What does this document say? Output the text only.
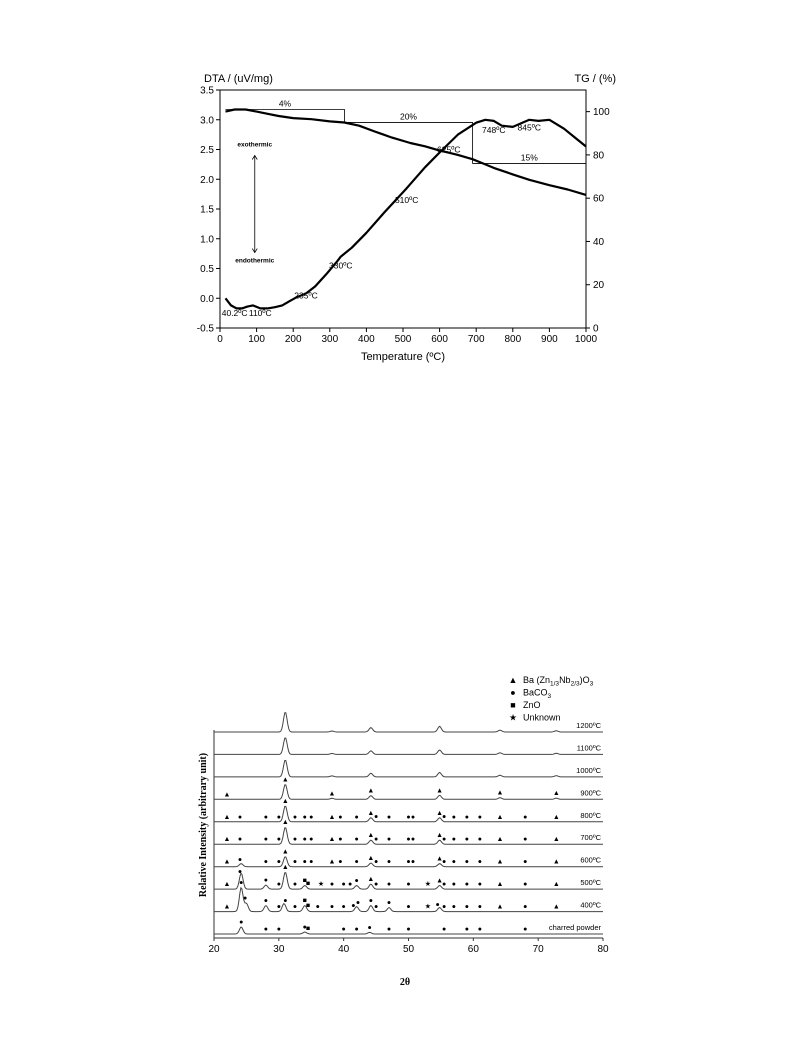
0	100 200 300 400 500 600 700 800 900 1000
3.5
3.0
2.5
2.0
1.5
1.0
0.5
0.0
-0.5
100
80
60
40
20
0
4%
20%
15%
40.2ºC 110ºC
235ºC
330ºC
510ºC
625ºC
748ºC 845ºC
exothermic
endothermic
DTA / (uV/mg)	TG / (%)
Temperature (ºC)
20	30	40	50	60	70	80
▲ Ba $(Zn_{1/3}Nb_{2/3})O_3$
● BaCO$_3$
■ ZnO
★ Unknown
1200ºC
1100ºC
1000ºC
900ºC
▲
▲
▲	▲	▲	▲	▲
800ºC
▲ ●	● ●
▲
● ● ● ▲ ● ●
▲
● ● ● ●
▲
● ● ● ● ▲	●	▲
700ºC
▲ ●	● ●
▲
● ● ● ▲ ● ●
▲
● ● ● ●
▲
● ● ● ● ▲	●	▲
600ºC
▲ ●	● ●
▲
● ● ● ▲ ● ●
▲
● ● ● ●	▲
● ● ● ● ▲	●	▲
500ºC
▲
●
●
●
▲
●
■ ■ ★ ● ● ●
● ▲
● ● ● ★
▲
● ● ● ● ▲	●	▲
400ºC
▲
●
● ●
●
●
●
■
■ ● ● ● ● ● ●
●
●
● ★ ● ● ● ● ● ▲	●	▲
charred powder
●
● ●	● ■	● ● ● ● ●	●	● ●	●
Relative Intensity (arbitrary unit)
2θ
